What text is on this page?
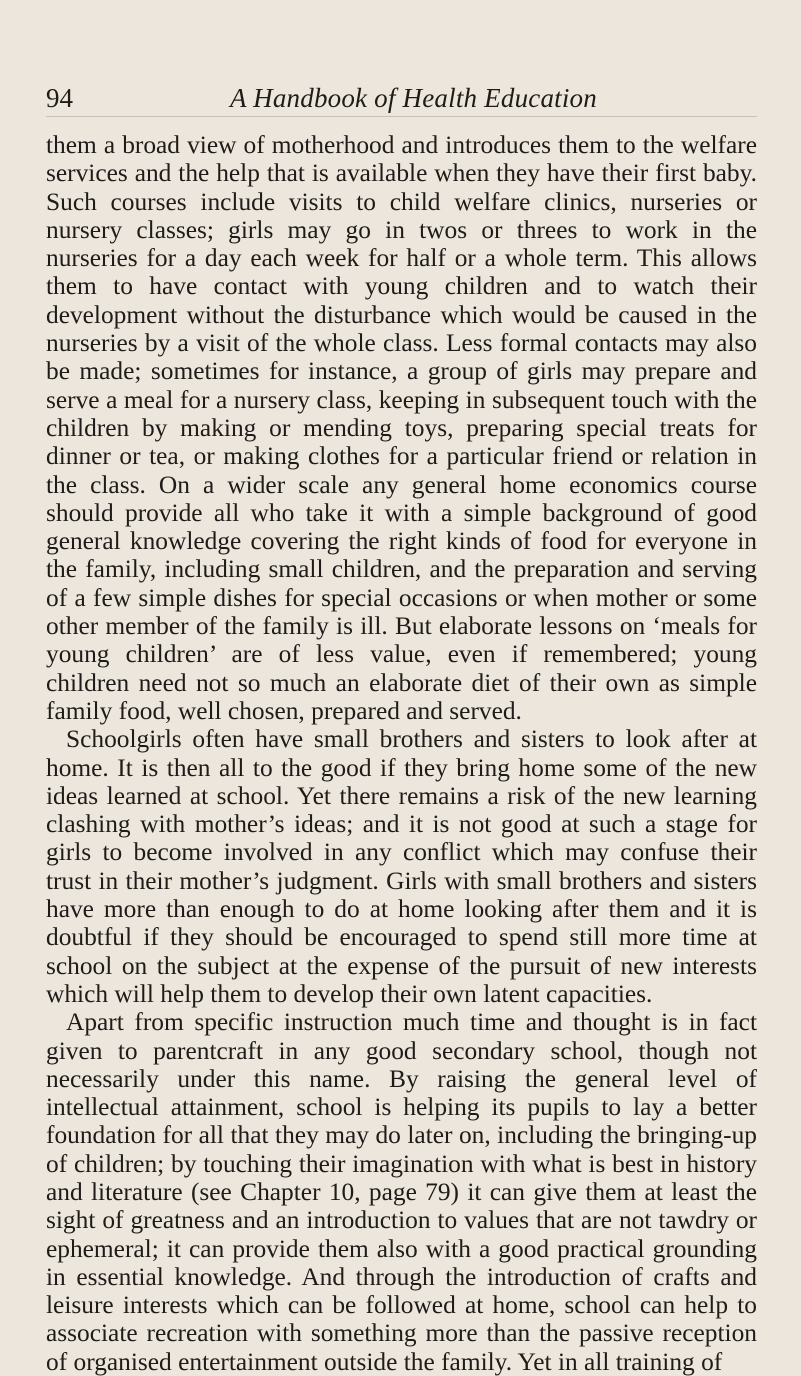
94	A Handbook of Health Education

them a broad view of motherhood and introduces them to the welfare services and the help that is available when they have their first baby. Such courses include visits to child welfare clinics, nurseries or nursery classes; girls may go in twos or threes to work in the nurseries for a day each week for half or a whole term. This allows them to have contact with young children and to watch their development without the disturbance which would be caused in the nurseries by a visit of the whole class. Less formal contacts may also be made; sometimes for instance, a group of girls may prepare and serve a meal for a nursery class, keeping in subsequent touch with the children by making or mending toys, preparing special treats for dinner or tea, or making clothes for a particular friend or relation in the class. On a wider scale any general home economics course should provide all who take it with a simple background of good general knowledge covering the right kinds of food for everyone in the family, including small children, and the preparation and serving of a few simple dishes for special occasions or when mother or some other member of the family is ill. But elaborate lessons on ‘meals for young children’ are of less value, even if remembered; young children need not so much an elaborate diet of their own as simple family food, well chosen, prepared and served.

Schoolgirls often have small brothers and sisters to look after at home. It is then all to the good if they bring home some of the new ideas learned at school. Yet there remains a risk of the new learning clashing with mother’s ideas; and it is not good at such a stage for girls to become involved in any conflict which may confuse their trust in their mother’s judgment. Girls with small brothers and sisters have more than enough to do at home looking after them and it is doubtful if they should be encouraged to spend still more time at school on the subject at the expense of the pursuit of new interests which will help them to develop their own latent capacities.

Apart from specific instruction much time and thought is in fact given to parentcraft in any good secondary school, though not necessarily under this name. By raising the general level of intellectual attainment, school is helping its pupils to lay a better foundation for all that they may do later on, including the bringing-up of children; by touching their imagination with what is best in history and literature (see Chapter 10, page 79) it can give them at least the sight of greatness and an introduction to values that are not tawdry or ephemeral; it can provide them also with a good practical grounding in essential knowledge. And through the introduction of crafts and leisure interests which can be followed at home, school can help to associate recreation with something more than the passive reception of organised entertainment outside the family. Yet in all training of
